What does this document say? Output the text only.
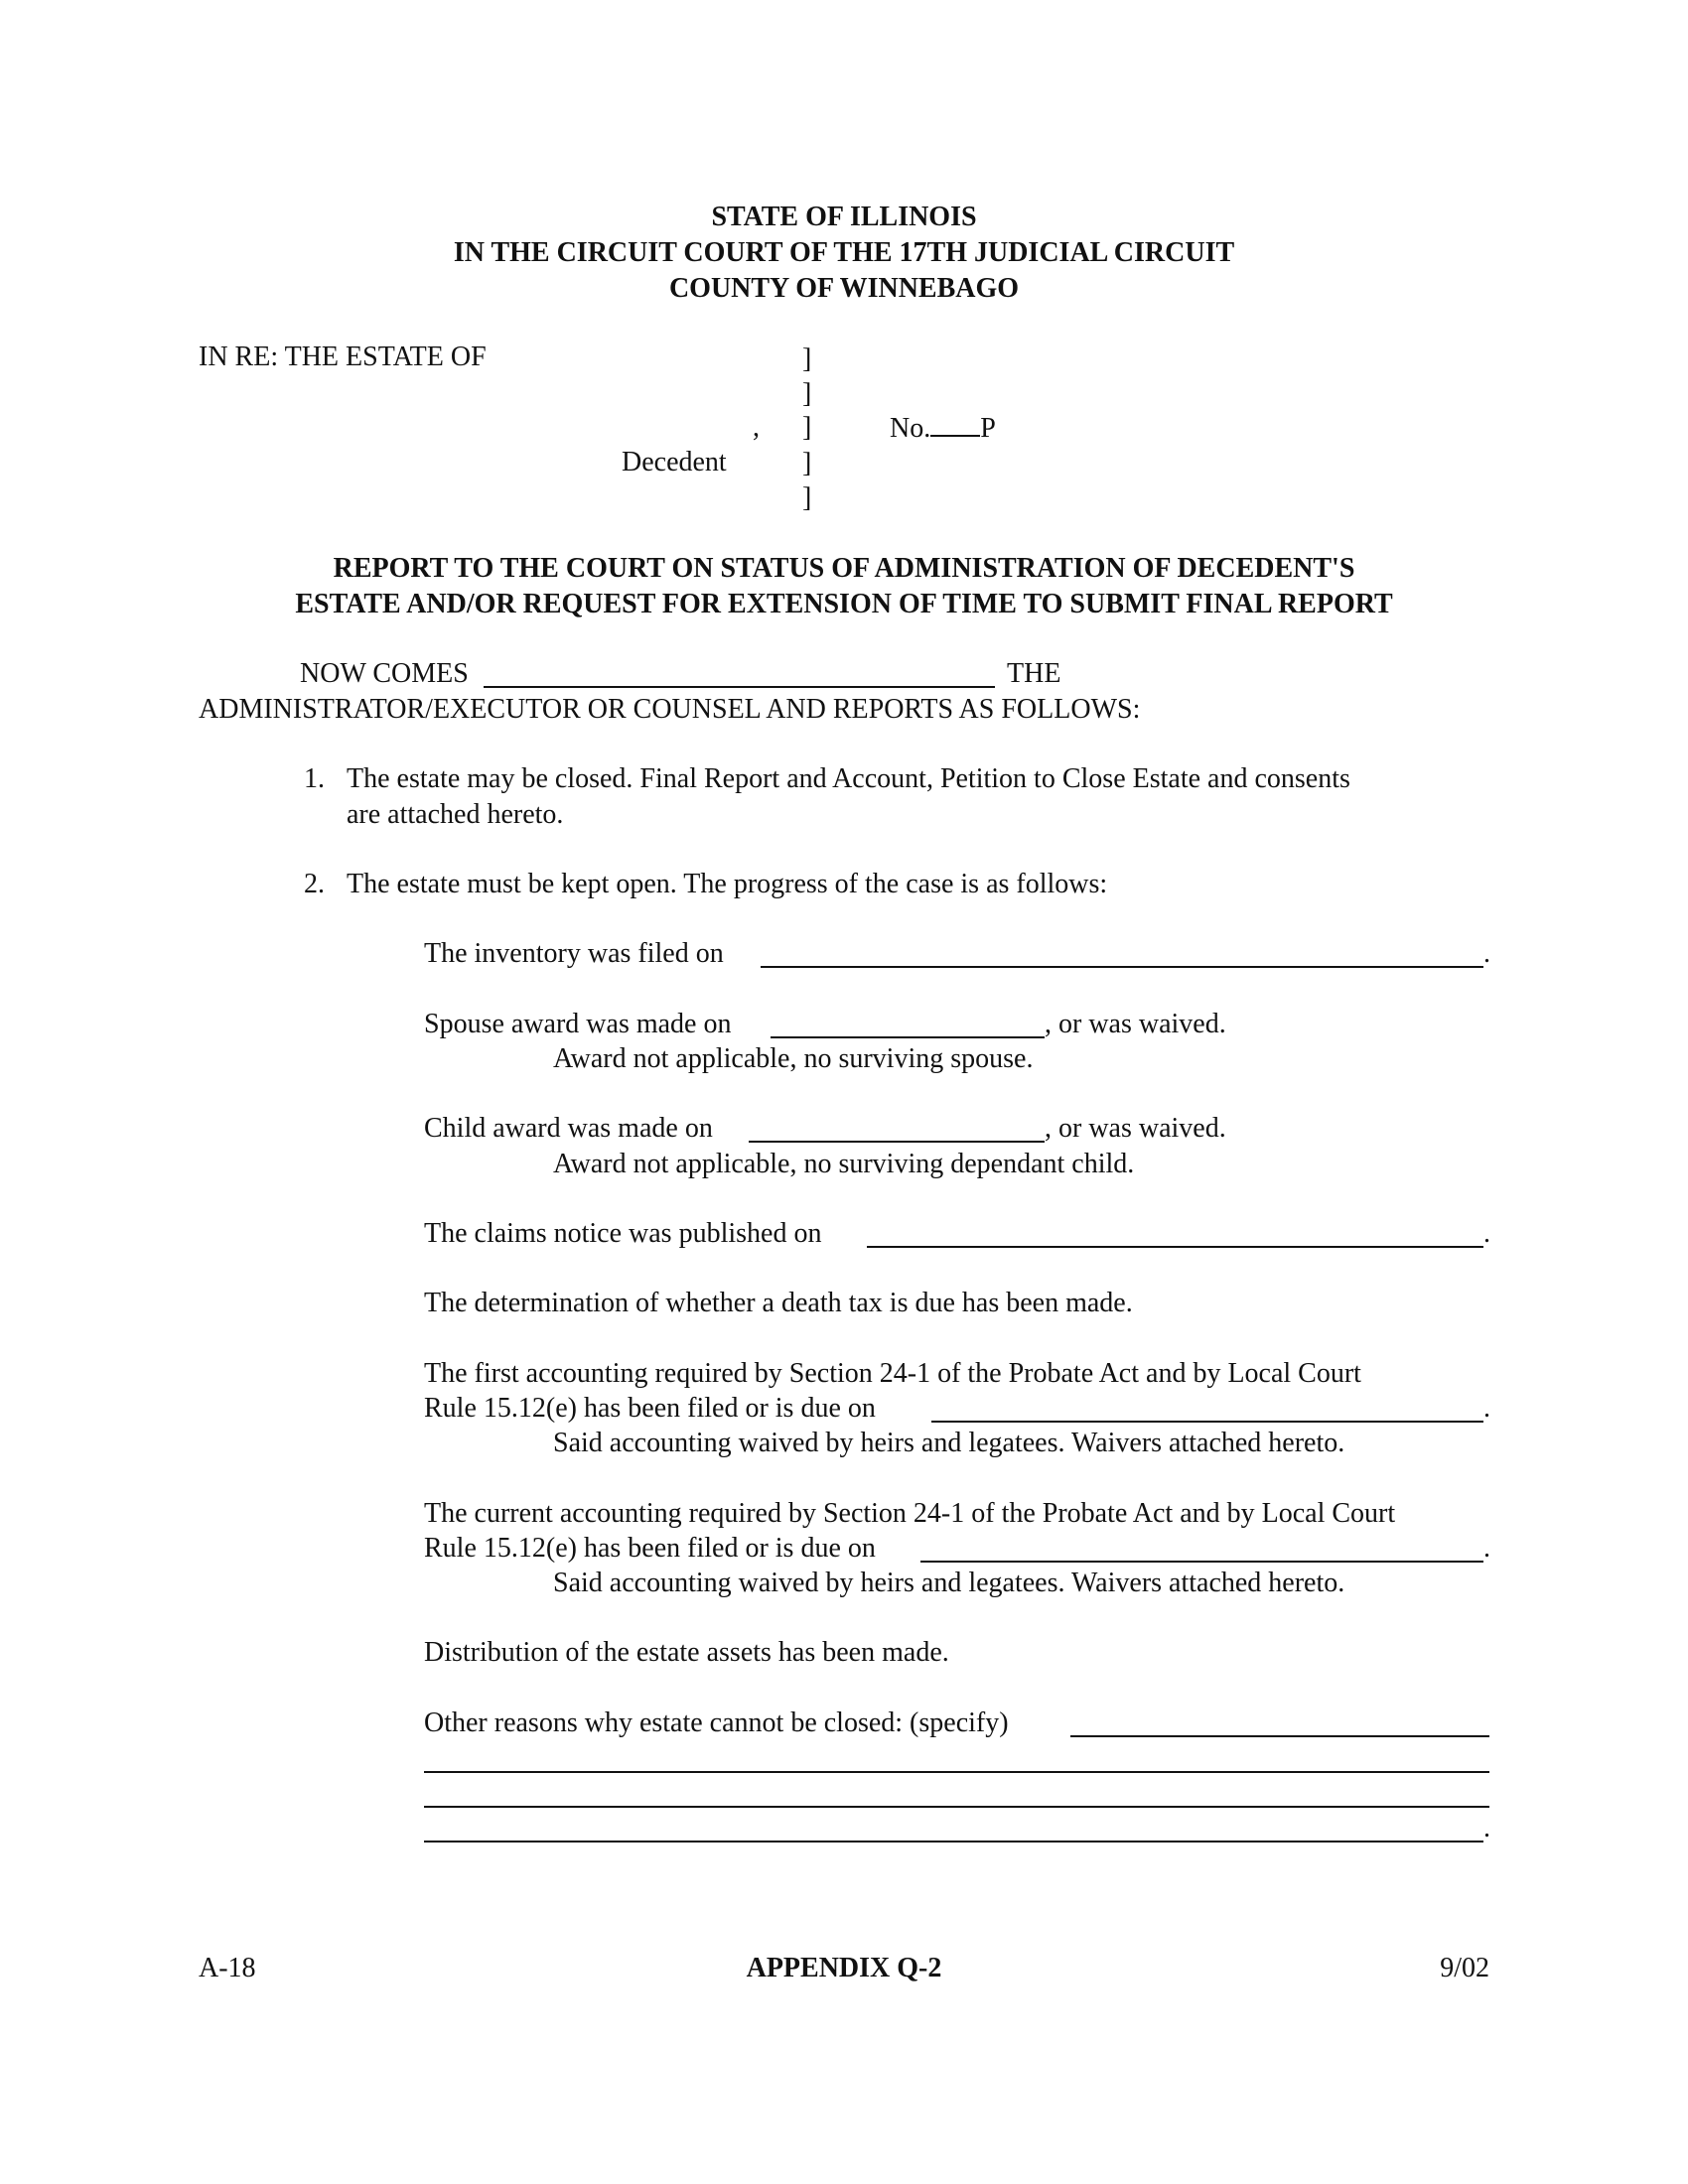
STATE OF ILLINOIS
IN THE CIRCUIT COURT OF THE 17TH JUDICIAL CIRCUIT
COUNTY OF WINNEBAGO
IN RE: THE ESTATE OF	]
]
, ]	No. P
Decedent	]
]
REPORT TO THE COURT ON STATUS OF ADMINISTRATION OF DECEDENT'S
ESTATE AND/OR REQUEST FOR EXTENSION OF TIME TO SUBMIT FINAL REPORT
NOW COMES	THE
ADMINISTRATOR/EXECUTOR OR COUNSEL AND REPORTS AS FOLLOWS:
1. The estate may be closed. Final Report and Account, Petition to Close Estate and consents
are attached hereto.
2. The estate must be kept open. The progress of the case is as follows:
The inventory was filed on	.
Spouse award was made on	, or was waived.
Award not applicable, no surviving spouse.
Child award was made on	, or was waived.
Award not applicable, no surviving dependant child.
The claims notice was published on	.
The determination of whether a death tax is due has been made.
The first accounting required by Section 24-1 of the Probate Act and by Local Court
Rule 15.12(e) has been filed or is due on	.
Said accounting waived by heirs and legatees. Waivers attached hereto.
The current accounting required by Section 24-1 of the Probate Act and by Local Court
Rule 15.12(e) has been filed or is due on	.
Said accounting waived by heirs and legatees. Waivers attached hereto.
Distribution of the estate assets has been made.
Other reasons why estate cannot be closed: (specify)
.
A-18	APPENDIX Q-2	9/02
